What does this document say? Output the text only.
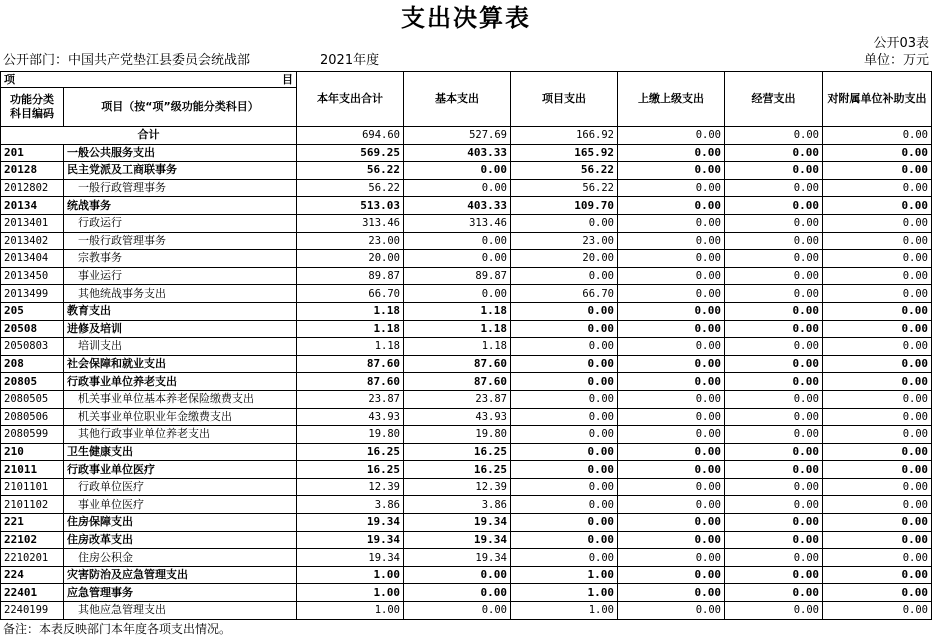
支出决算表
公开03表
公开部门：中国共产党垫江县委员会统战部	2021年度	单位：万元
项 目		本年支出合计	基本支出	项目支出	上缴上级支出	经营支出	对附属单位补助支出
功能分类
科目编码	项目（按“项”级功能分类科目）						
合计		694.60	527.69	166.92	0.00	0.00	0.00
201	一般公共服务支出	569.25	403.33	165.92	0.00	0.00	0.00
20128	民主党派及工商联事务	56.22	0.00	56.22	0.00	0.00	0.00
2012802	一般行政管理事务	56.22	0.00	56.22	0.00	0.00	0.00
20134	统战事务	513.03	403.33	109.70	0.00	0.00	0.00
2013401	行政运行	313.46	313.46	0.00	0.00	0.00	0.00
2013402	一般行政管理事务	23.00	0.00	23.00	0.00	0.00	0.00
2013404	宗教事务	20.00	0.00	20.00	0.00	0.00	0.00
2013450	事业运行	89.87	89.87	0.00	0.00	0.00	0.00
2013499	其他统战事务支出	66.70	0.00	66.70	0.00	0.00	0.00
205	教育支出	1.18	1.18	0.00	0.00	0.00	0.00
20508	进修及培训	1.18	1.18	0.00	0.00	0.00	0.00
2050803	培训支出	1.18	1.18	0.00	0.00	0.00	0.00
208	社会保障和就业支出	87.60	87.60	0.00	0.00	0.00	0.00
20805	行政事业单位养老支出	87.60	87.60	0.00	0.00	0.00	0.00
2080505	机关事业单位基本养老保险缴费支出	23.87	23.87	0.00	0.00	0.00	0.00
2080506	机关事业单位职业年金缴费支出	43.93	43.93	0.00	0.00	0.00	0.00
2080599	其他行政事业单位养老支出	19.80	19.80	0.00	0.00	0.00	0.00
210	卫生健康支出	16.25	16.25	0.00	0.00	0.00	0.00
21011	行政事业单位医疗	16.25	16.25	0.00	0.00	0.00	0.00
2101101	行政单位医疗	12.39	12.39	0.00	0.00	0.00	0.00
2101102	事业单位医疗	3.86	3.86	0.00	0.00	0.00	0.00
221	住房保障支出	19.34	19.34	0.00	0.00	0.00	0.00
22102	住房改革支出	19.34	19.34	0.00	0.00	0.00	0.00
2210201	住房公积金	19.34	19.34	0.00	0.00	0.00	0.00
224	灾害防治及应急管理支出	1.00	0.00	1.00	0.00	0.00	0.00
22401	应急管理事务	1.00	0.00	1.00	0.00	0.00	0.00
2240199	其他应急管理支出	1.00	0.00	1.00	0.00	0.00	0.00
备注：本表反映部门本年度各项支出情况。
